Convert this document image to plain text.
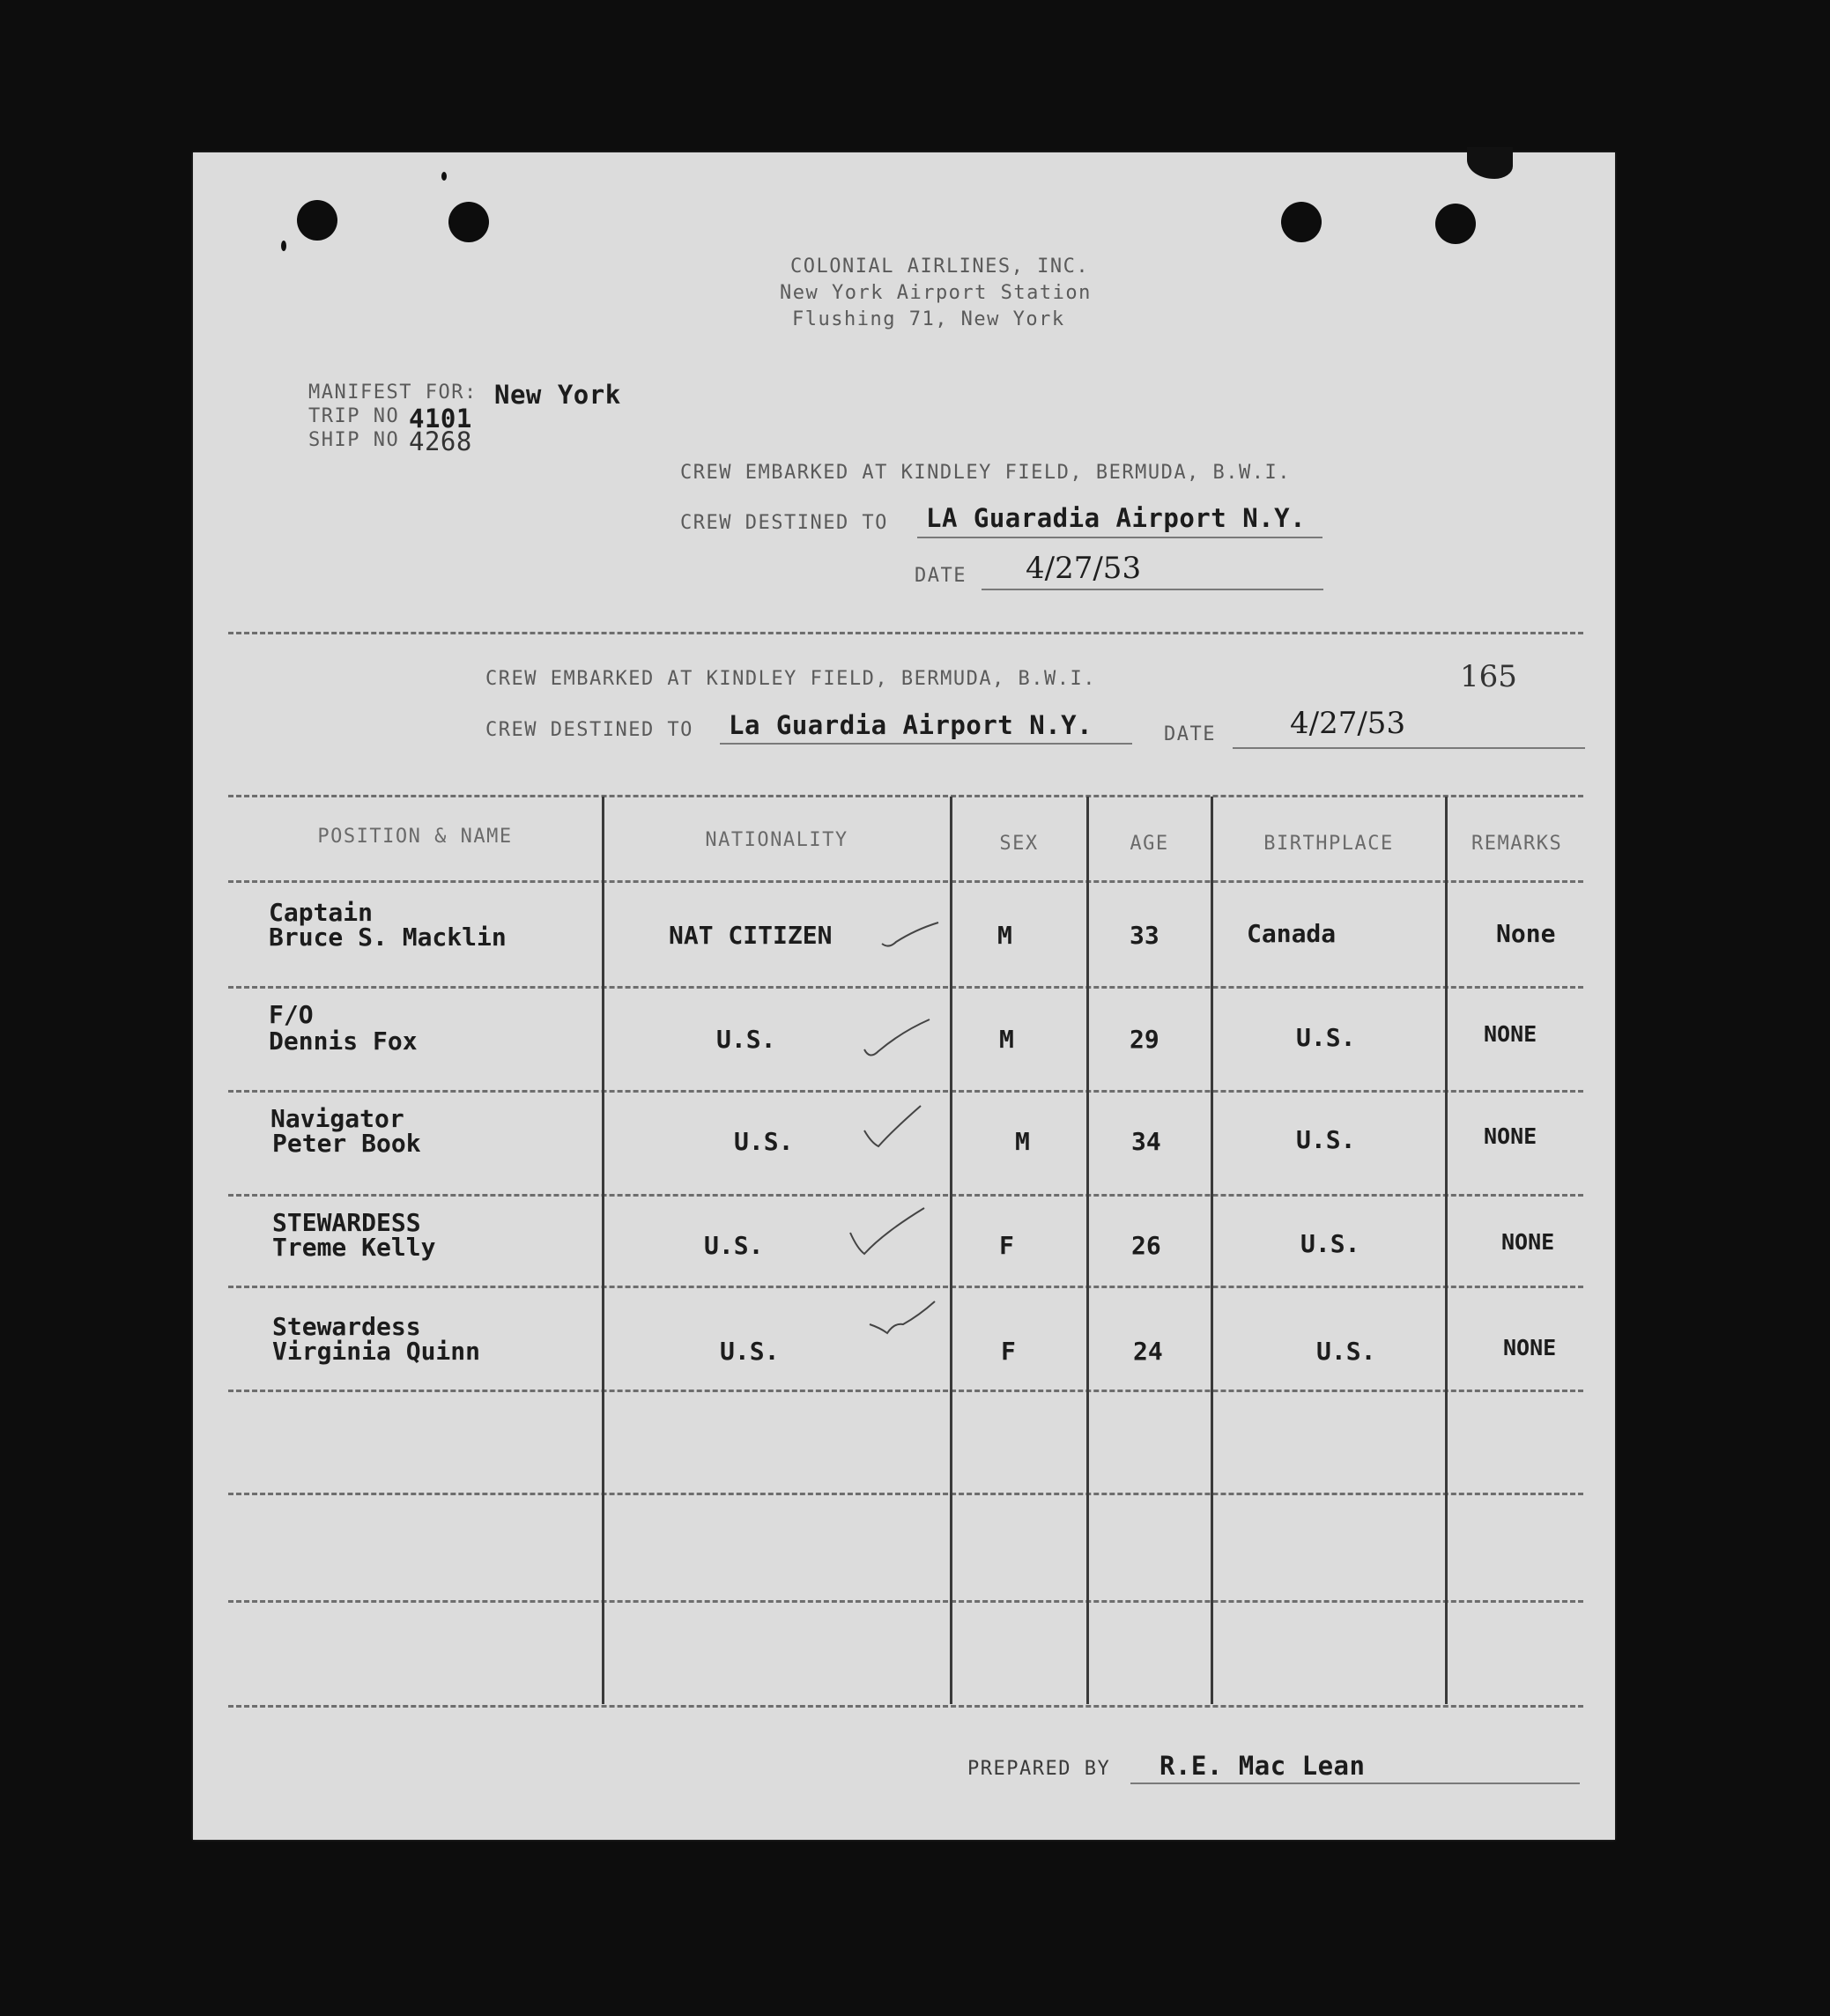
COLONIAL AIRLINES, INC.
New York Airport Station
Flushing 71, New York
MANIFEST FOR: New York
TRIP NO 4101
SHIP NO 4268
CREW EMBARKED AT KINDLEY FIELD, BERMUDA, B.W.I.
CREW DESTINED TO LA Guaradia Airport N.Y.
DATE 4/27/53
CREW EMBARKED AT KINDLEY FIELD, BERMUDA, B.W.I.	165
CREW DESTINED TO La Guardia Airport N.Y.	DATE 4/27/53
POSITION & NAME	NATIONALITY	SEX	AGE	BIRTHPLACE	REMARKS
Captain
Bruce S. Macklin	NAT CITIZEN	M	33	Canada	None
F/O
Dennis Fox	U.S.	M	29	U.S.	NONE
Navigator
Peter Book	U.S.	M	34	U.S.	NONE
STEWARDESS
Treme Kelly	U.S.	F	26	U.S.	NONE
Stewardess
Virginia Quinn	U.S.	F	24	U.S.	NONE
PREPARED BY R.E. Mac Lean
